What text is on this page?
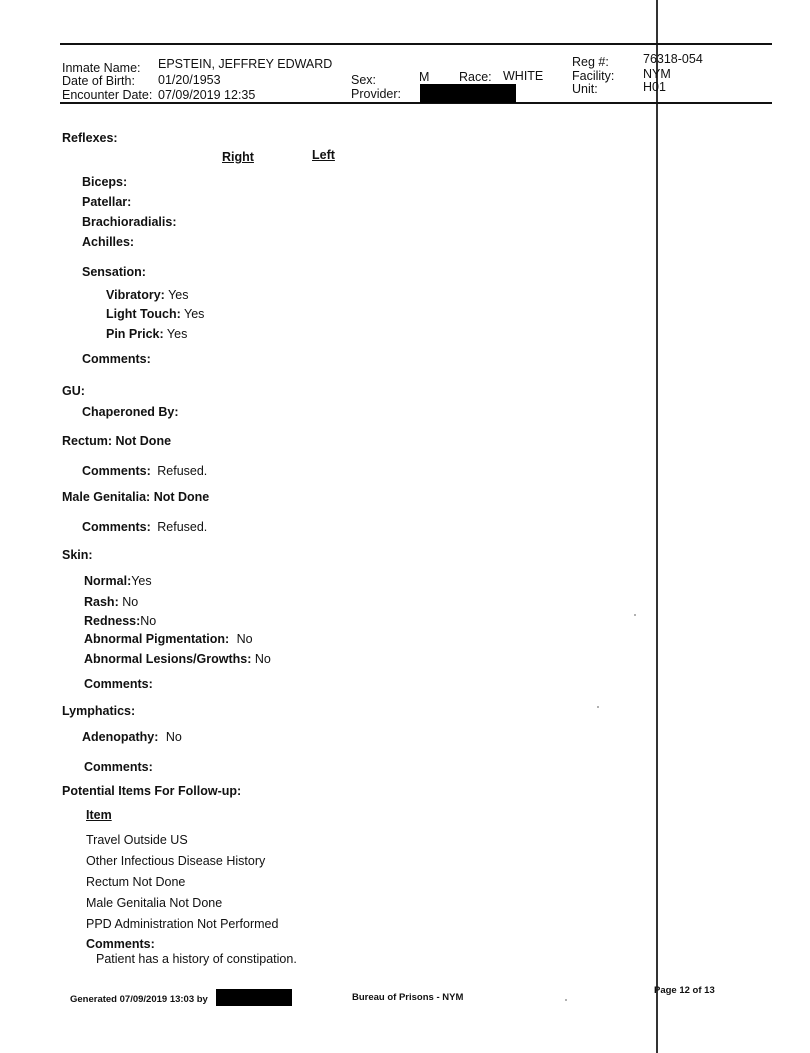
Inmate Name: EPSTEIN, JEFFREY EDWARD
Date of Birth: 01/20/1953
Encounter Date: 07/09/2019 12:35
Sex:	M Race: WHITE
Provider:
Reg #:	76318-054
Facility: NYM
Unit:	H01
Reflexes:
Right	Left
Biceps:
Patellar:
Brachioradialis:
Achilles:
Sensation:
Vibratory: Yes
Light Touch: Yes
Pin Prick: Yes
Comments:
GU:
Chaperoned By:
Rectum: Not Done
Comments: Refused.
Male Genitalia: Not Done
Comments: Refused.
Skin:
Normal:Yes
Rash: No
Redness:No
Abnormal Pigmentation: No
Abnormal Lesions/Growths: No
Comments:
Lymphatics:
Adenopathy: No
Comments:
Potential Items For Follow-up:
Item
Travel Outside US
Other Infectious Disease History
Rectum Not Done
Male Genitalia Not Done
PPD Administration Not Performed
Comments:
Patient has a history of constipation.
Generated 07/09/2019 13:03 by	Bureau of Prisons - NYM
Page 12 of 13
